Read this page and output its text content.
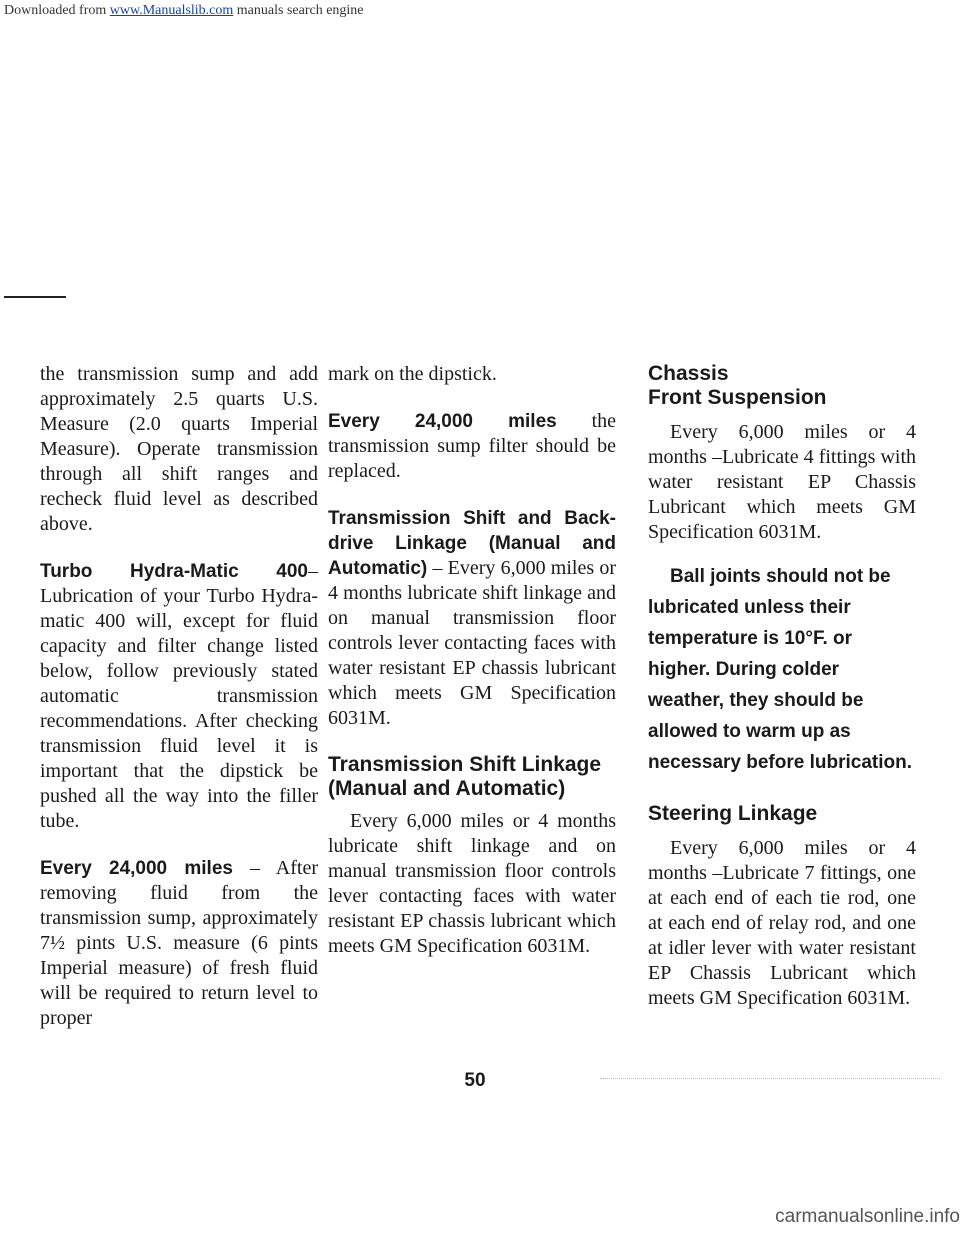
Downloaded from www.Manualslib.com manuals search engine

the transmission sump and add approximately 2.5 quarts U.S. Measure (2.0 quarts Imperial Measure). Operate transmission through all shift ranges and recheck fluid level as described above.

Turbo Hydra-Matic 400–Lubrication of your Turbo Hydra-matic 400 will, except for fluid capacity and filter change listed below, follow previously stated automatic transmission recommendations. After checking transmission fluid level it is important that the dipstick be pushed all the way into the filler tube.

Every 24,000 miles – After removing fluid from the transmission sump, approximately 7½ pints U.S. measure (6 pints Imperial measure) of fresh fluid will be required to return level to proper

mark on the dipstick.

Every 24,000 miles the transmission sump filter should be replaced.

Transmission Shift and Back-drive Linkage (Manual and Automatic) – Every 6,000 miles or 4 months lubricate shift linkage and on manual transmission floor controls lever contacting faces with water resistant EP chassis lubricant which meets GM Specification 6031M.

Transmission Shift Linkage (Manual and Automatic)

Every 6,000 miles or 4 months lubricate shift linkage and on manual transmission floor controls lever contacting faces with water resistant EP chassis lubricant which meets GM Specification 6031M.

Chassis
Front Suspension

Every 6,000 miles or 4 months –Lubricate 4 fittings with water resistant EP Chassis Lubricant which meets GM Specification 6031M.

Ball joints should not be lubricated unless their temperature is 10°F. or higher. During colder weather, they should be allowed to warm up as necessary before lubrication.

Steering Linkage

Every 6,000 miles or 4 months –Lubricate 7 fittings, one at each end of each tie rod, one at each end of relay rod, and one at idler lever with water resistant EP Chassis Lubricant which meets GM Specification 6031M.

50
carmanualsonline.info
